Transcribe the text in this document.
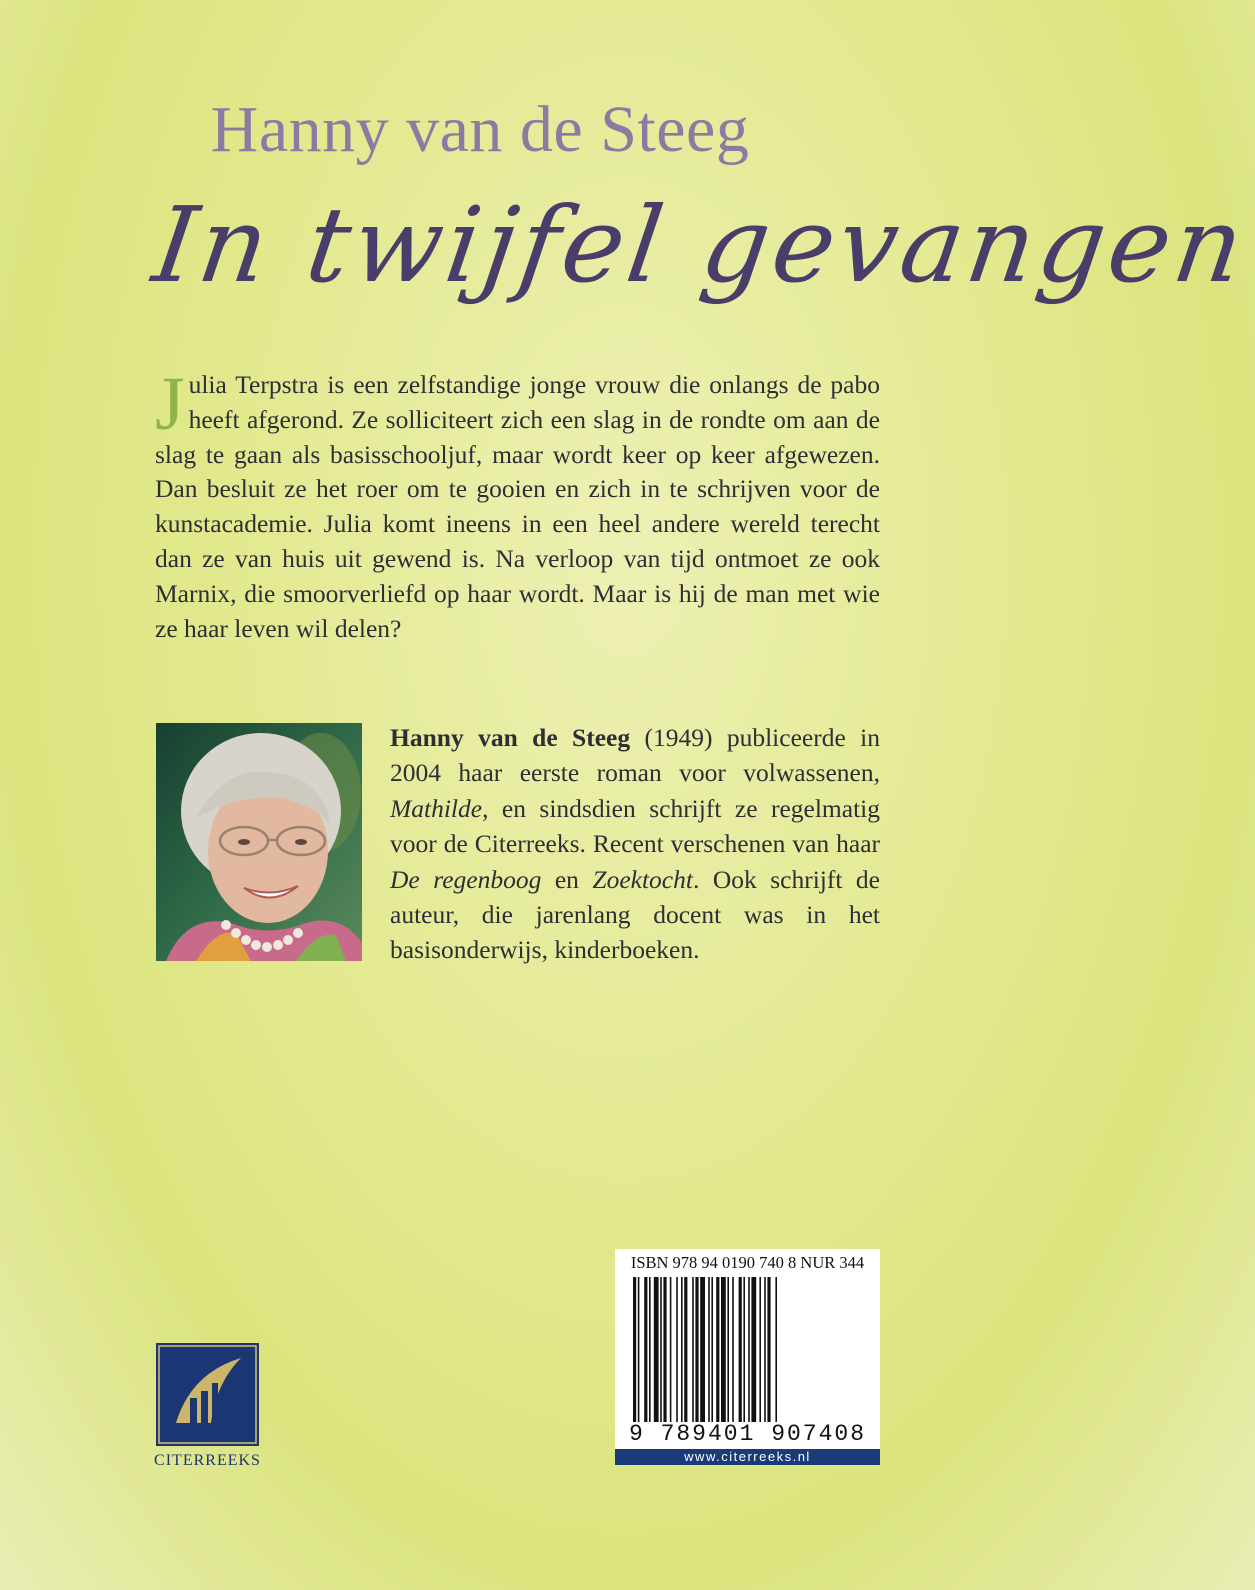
Hanny van de Steeg
In twijfel gevangen
Julia Terpstra is een zelfstandige jonge vrouw die onlangs de pabo heeft afgerond. Ze solliciteert zich een slag in de rondte om aan de slag te gaan als basisschooljuf, maar wordt keer op keer afgewezen. Dan besluit ze het roer om te gooien en zich in te schrijven voor de kunstacademie. Julia komt ineens in een heel andere wereld terecht dan ze van huis uit gewend is. Na verloop van tijd ontmoet ze ook Marnix, die smoorverliefd op haar wordt. Maar is hij de man met wie ze haar leven wil delen?
Hanny van de Steeg (1949) publiceerde in 2004 haar eerste roman voor volwassenen, Mathilde, en sindsdien schrijft ze regelmatig voor de Citerreeks. Recent verschenen van haar De regenboog en Zoektocht. Ook schrijft de auteur, die jarenlang docent was in het basisonderwijs, kinderboeken.
CITERREEKS
ISBN 978 94 0190 740 8 NUR 344
9 789401 907408
www.citerreeks.nl
